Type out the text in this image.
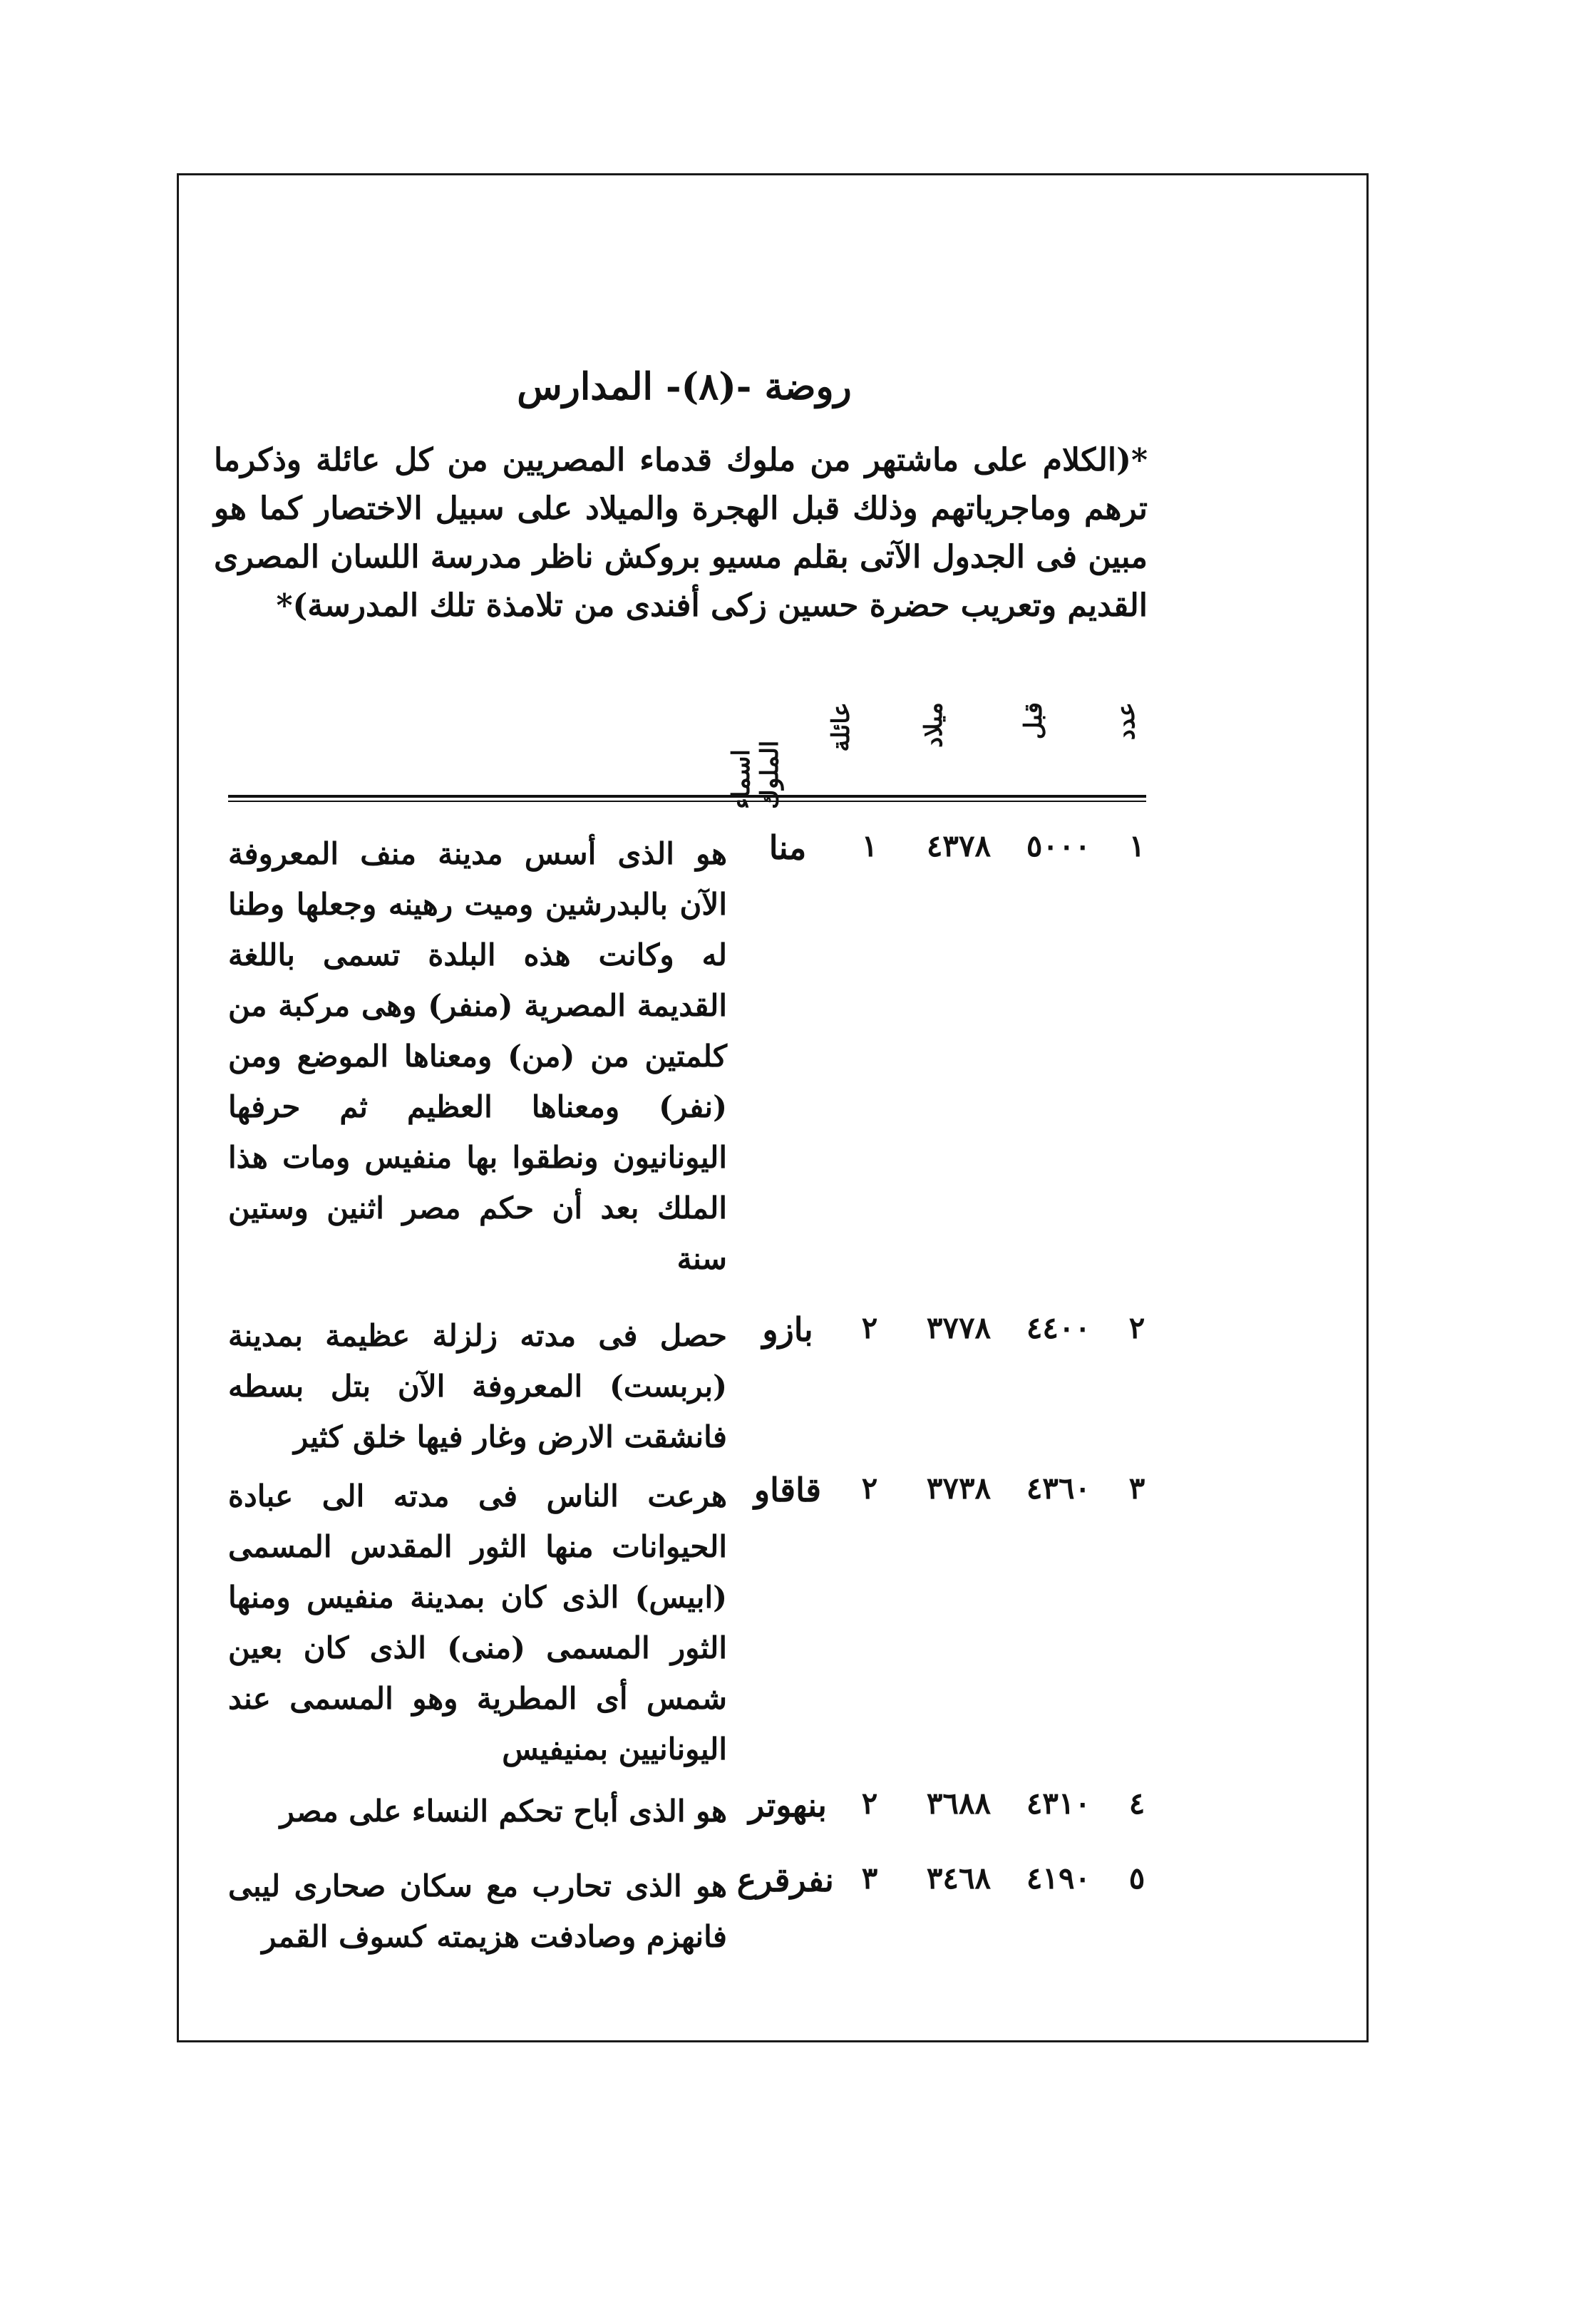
روضة -(٨)- المدارس
*(الكلام على ماشتهر من ملوك قدماء المصريين من كل عائلة وذكرما ترهم وماجرياتهم وذلك قبل الهجرة والميلاد على سبيل الاختصار كما هو مبين فى الجدول الآتى بقلم مسيو بروكش ناظر مدرسة اللسان المصرى القديم وتعريب حضرة حسين زكى أفندى من تلامذة تلك المدرسة)*
عدد
قبل
ميلاد
عائلة
اسماء الملوك
١
٥٠٠٠
٤٣٧٨
١
منا
هو الذى أسس مدينة منف المعروفة الآن بالبدرشين وميت رهينه وجعلها وطنا له وكانت هذه البلدة تسمى باللغة القديمة المصرية (منفر) وهى مركبة من كلمتين من (من) ومعناها الموضع ومن (نفر) ومعناها العظيم ثم حرفها اليونانيون ونطقوا بها منفيس ومات هذا الملك بعد أن حكم مصر اثنين وستين سنة
٢
٤٤٠٠
٣٧٧٨
٢
بازو
حصل فى مدته زلزلة عظيمة بمدينة (بربست) المعروفة الآن بتل بسطه فانشقت الارض وغار فيها خلق كثير
٣
٤٣٦٠
٣٧٣٨
٢
قاقاو
هرعت الناس فى مدته الى عبادة الحيوانات منها الثور المقدس المسمى (ابيس) الذى كان بمدينة منفيس ومنها الثور المسمى (منى) الذى كان بعين شمس أى المطرية وهو المسمى عند اليونانيين بمنيفيس
٤
٤٣١٠
٣٦٨٨
٢
بنهوتر
هو الذى أباح تحكم النساء على مصر
٥
٤١٩٠
٣٤٦٨
٣
نفرقرع
هو الذى تحارب مع سكان صحارى ليبى فانهزم وصادفت هزيمته كسوف القمر
